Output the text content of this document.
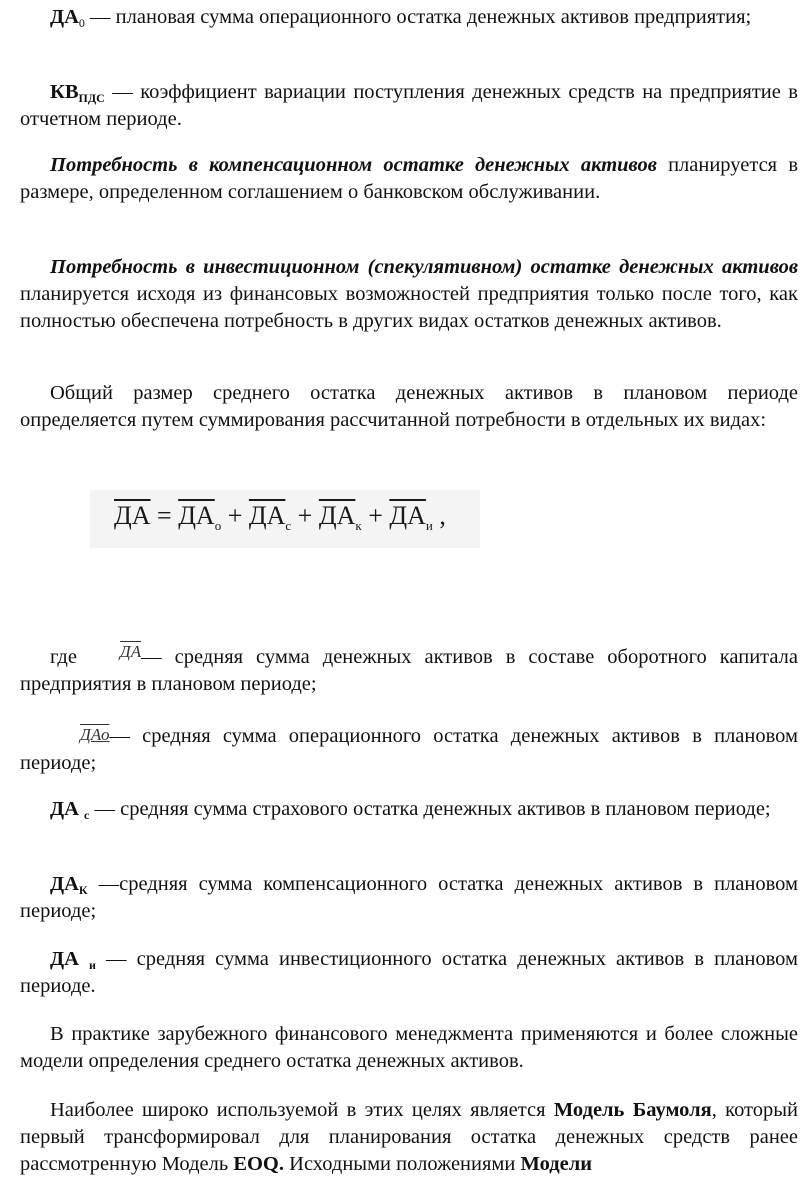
$ДА_0$ — плановая сумма операционного остатка денежных активов предприятия;

$КВ_{ПДС}$ — коэффициент вариации поступления денежных средств на предприятие в отчетном периоде.

Потребность в компенсационном остатке денежных активов планируется в размере, определенном соглашением о банковском обслуживании.

Потребность в инвестиционном (спекулятивном) остатке денежных активов планируется исходя из финансовых возможностей предприятия только после того, как полностью обеспечена потребность в других видах остатков денежных активов.

Общий размер среднего остатка денежных активов в плановом периоде определяется путем суммирования рассчитанной потребности в отдельных их видах:

ДА = $ДА_о + ДА_с + ДА_к + ДА_и$ ,

где ДА— средняя сумма денежных активов в составе оборотного капитала предприятия в плановом периоде;

ДАо— средняя сумма операционного остатка денежных активов в плановом периоде;

ДА $_с$ — средняя сумма страхового остатка денежных активов в плановом периоде;

$ДА_К$ —средняя сумма компенсационного остатка денежных активов в плановом периоде;

ДА $_и$ — средняя сумма инвестиционного остатка денежных активов в плановом периоде.

В практике зарубежного финансового менеджмента применяются и более сложные модели определения среднего остатка денежных активов.

Наиболее широко используемой в этих целях является Модель Баумоля, который первый трансформировал для планирования остатка денежных средств ранее рассмотренную Модель EOQ. Исходными положениями Модели
